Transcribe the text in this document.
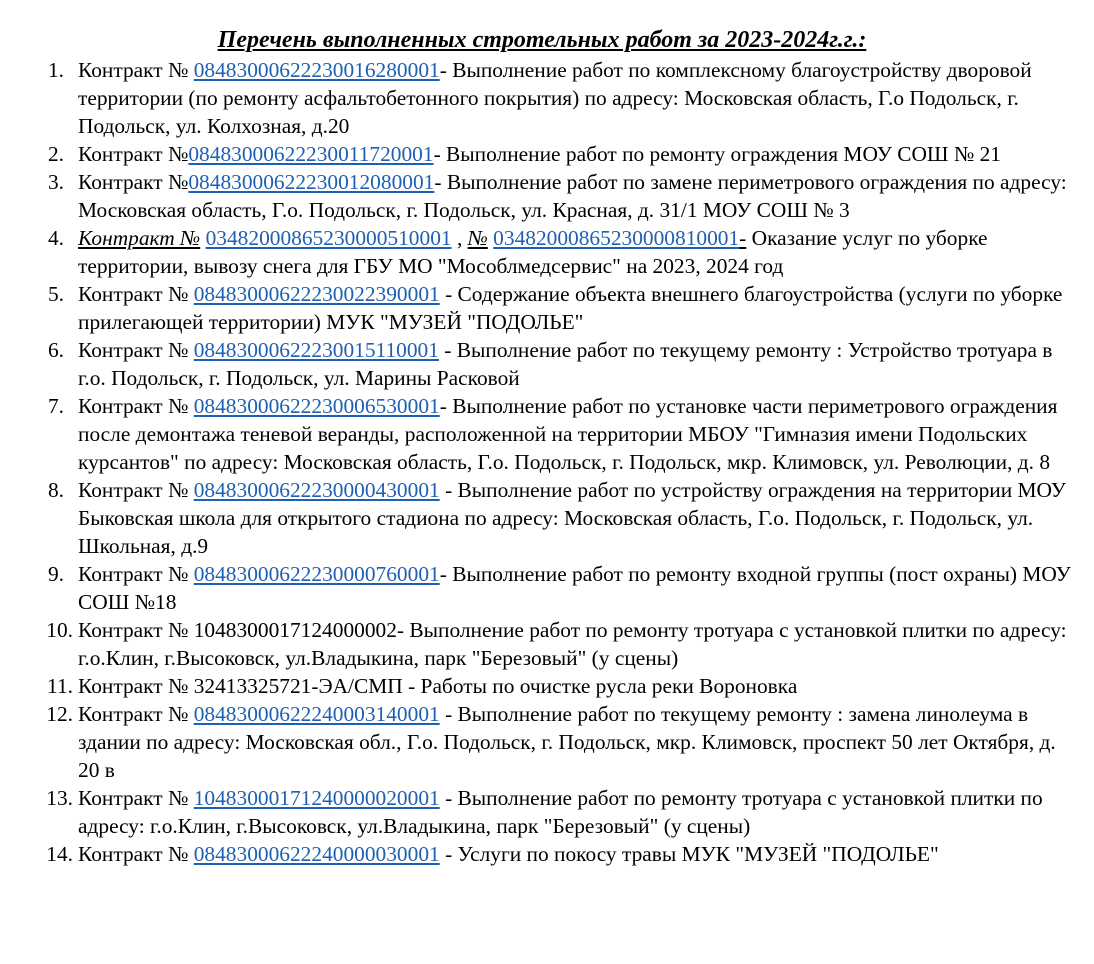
Перечень выполненных стротельных работ за 2023-2024г.г.:
1. Контракт № 08483000622230016280001- Выполнение работ по комплексному благоустройству дворовой территории (по ремонту асфальтобетонного покрытия) по адресу: Московская область, Г.о Подольск, г. Подольск, ул. Колхозная, д.20
2. Контракт №08483000622230011720001- Выполнение работ по ремонту ограждения МОУ СОШ № 21
3. Контракт №08483000622230012080001- Выполнение работ по замене периметрового ограждения по адресу: Московская область, Г.о. Подольск, г. Подольск, ул. Красная, д. 31/1 МОУ СОШ № 3
4. Контракт № 03482000865230000510001 , № 03482000865230000810001- Оказание услуг по уборке территории, вывозу снега для ГБУ МО "Мособлмедсервис" на 2023, 2024 год
5. Контракт № 08483000622230022390001 - Содержание объекта внешнего благоустройства (услуги по уборке прилегающей территории) МУК "МУЗЕЙ "ПОДОЛЬЕ"
6. Контракт № 08483000622230015110001 - Выполнение работ по текущему ремонту : Устройство тротуара в г.о. Подольск, г. Подольск, ул. Марины Расковой
7. Контракт № 08483000622230006530001- Выполнение работ по установке части периметрового ограждения после демонтажа теневой веранды, расположенной на территории МБОУ "Гимназия имени Подольских курсантов" по адресу: Московская область, Г.о. Подольск, г. Подольск, мкр. Климовск, ул. Революции, д. 8
8. Контракт № 08483000622230000430001 - Выполнение работ по устройству ограждения на территории МОУ Быковская школа для открытого стадиона по адресу: Московская область, Г.о. Подольск, г. Подольск, ул. Школьная, д.9
9. Контракт № 08483000622230000760001- Выполнение работ по ремонту входной группы (пост охраны) МОУ СОШ №18
10. Контракт № 1048300017124000002- Выполнение работ по ремонту тротуара с установкой плитки по адресу: г.о.Клин, г.Высоковск, ул.Владыкина, парк "Березовый" (у сцены)
11. Контракт № 32413325721-ЭА/СМП - Работы по очистке русла реки Вороновка
12. Контракт № 08483000622240003140001 - Выполнение работ по текущему ремонту : замена линолеума в здании по адресу: Московская обл., Г.о. Подольск, г. Подольск, мкр. Климовск, проспект 50 лет Октября, д. 20 в
13. Контракт № 10483000171240000020001 - Выполнение работ по ремонту тротуара с установкой плитки по адресу: г.о.Клин, г.Высоковск, ул.Владыкина, парк "Березовый" (у сцены)
14. Контракт № 08483000622240000030001 - Услуги по покосу травы МУК "МУЗЕЙ "ПОДОЛЬЕ"
